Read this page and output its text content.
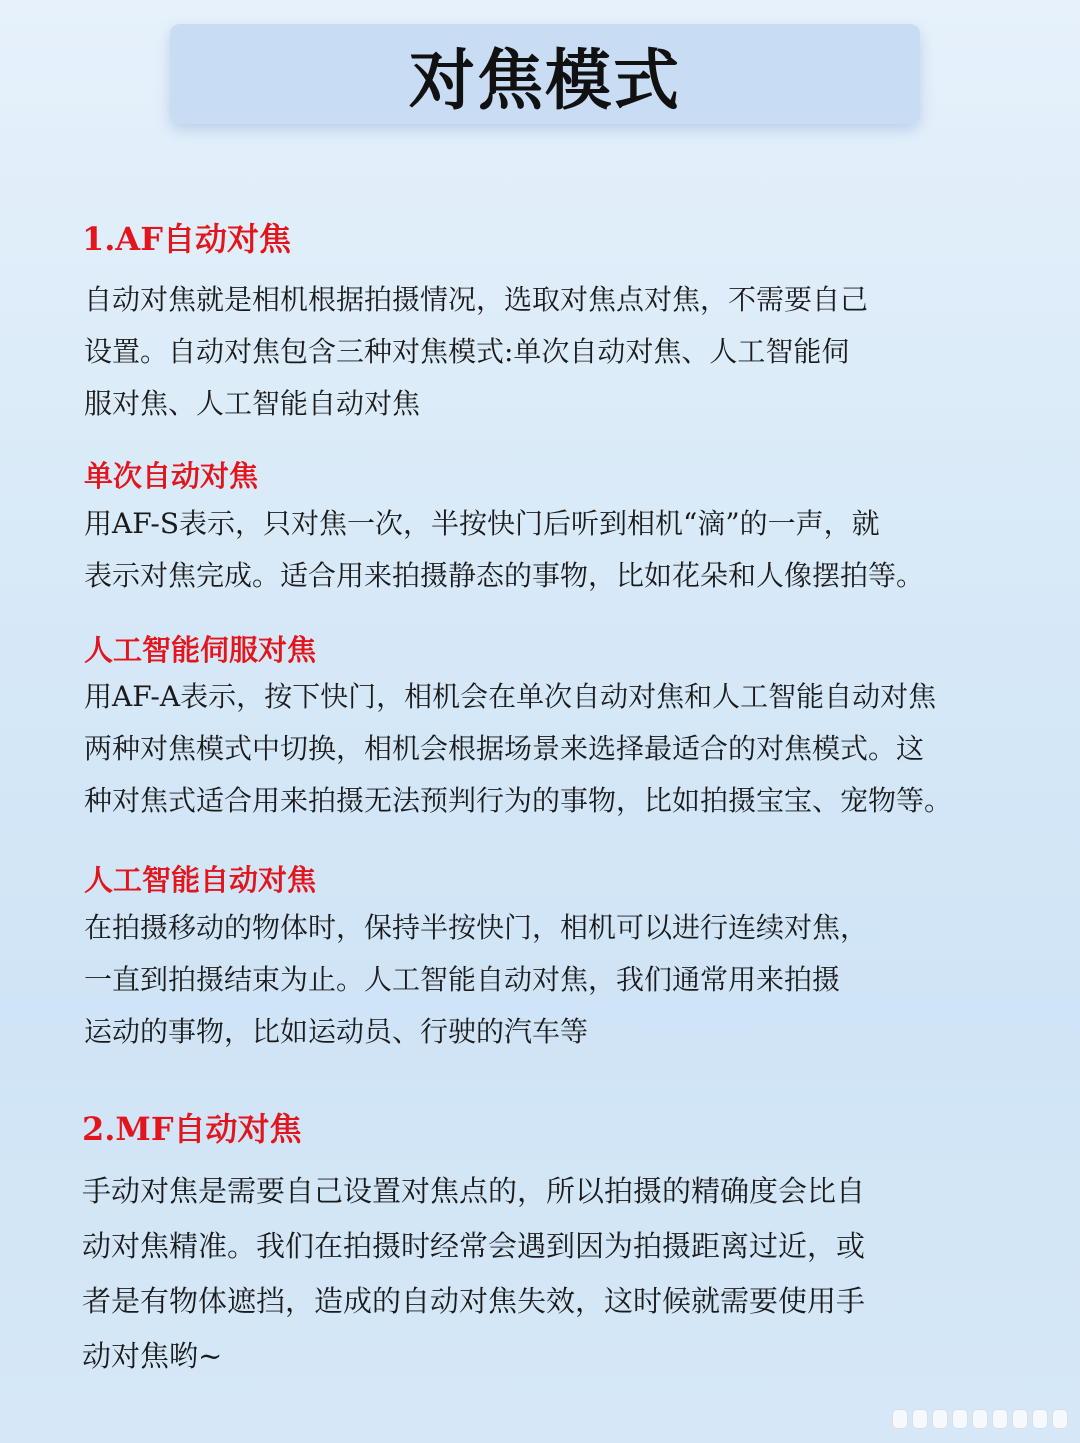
对焦模式
1.AF自动对焦

自动对焦就是相机根据拍摄情况，选取对焦点对焦，不需要自己
设置。自动对焦包含三种对焦模式:单次自动对焦、人工智能伺
服对焦、人工智能自动对焦

单次自动对焦

用AF-S表示，只对焦一次，半按快门后听到相机“滴”的一声，就
表示对焦完成。适合用来拍摄静态的事物，比如花朵和人像摆拍等。

人工智能伺服对焦

用AF-A表示，按下快门，相机会在单次自动对焦和人工智能自动对焦
两种对焦模式中切换，相机会根据场景来选择最适合的对焦模式。这
种对焦式适合用来拍摄无法预判行为的事物，比如拍摄宝宝、宠物等。

人工智能自动对焦

在拍摄移动的物体时，保持半按快门，相机可以进行连续对焦，
一直到拍摄结束为止。人工智能自动对焦，我们通常用来拍摄
运动的事物，比如运动员、行驶的汽车等

2.MF自动对焦

手动对焦是需要自己设置对焦点的，所以拍摄的精确度会比自
动对焦精准。我们在拍摄时经常会遇到因为拍摄距离过近，或
者是有物体遮挡，造成的自动对焦失效，这时候就需要使用手
动对焦哟~
